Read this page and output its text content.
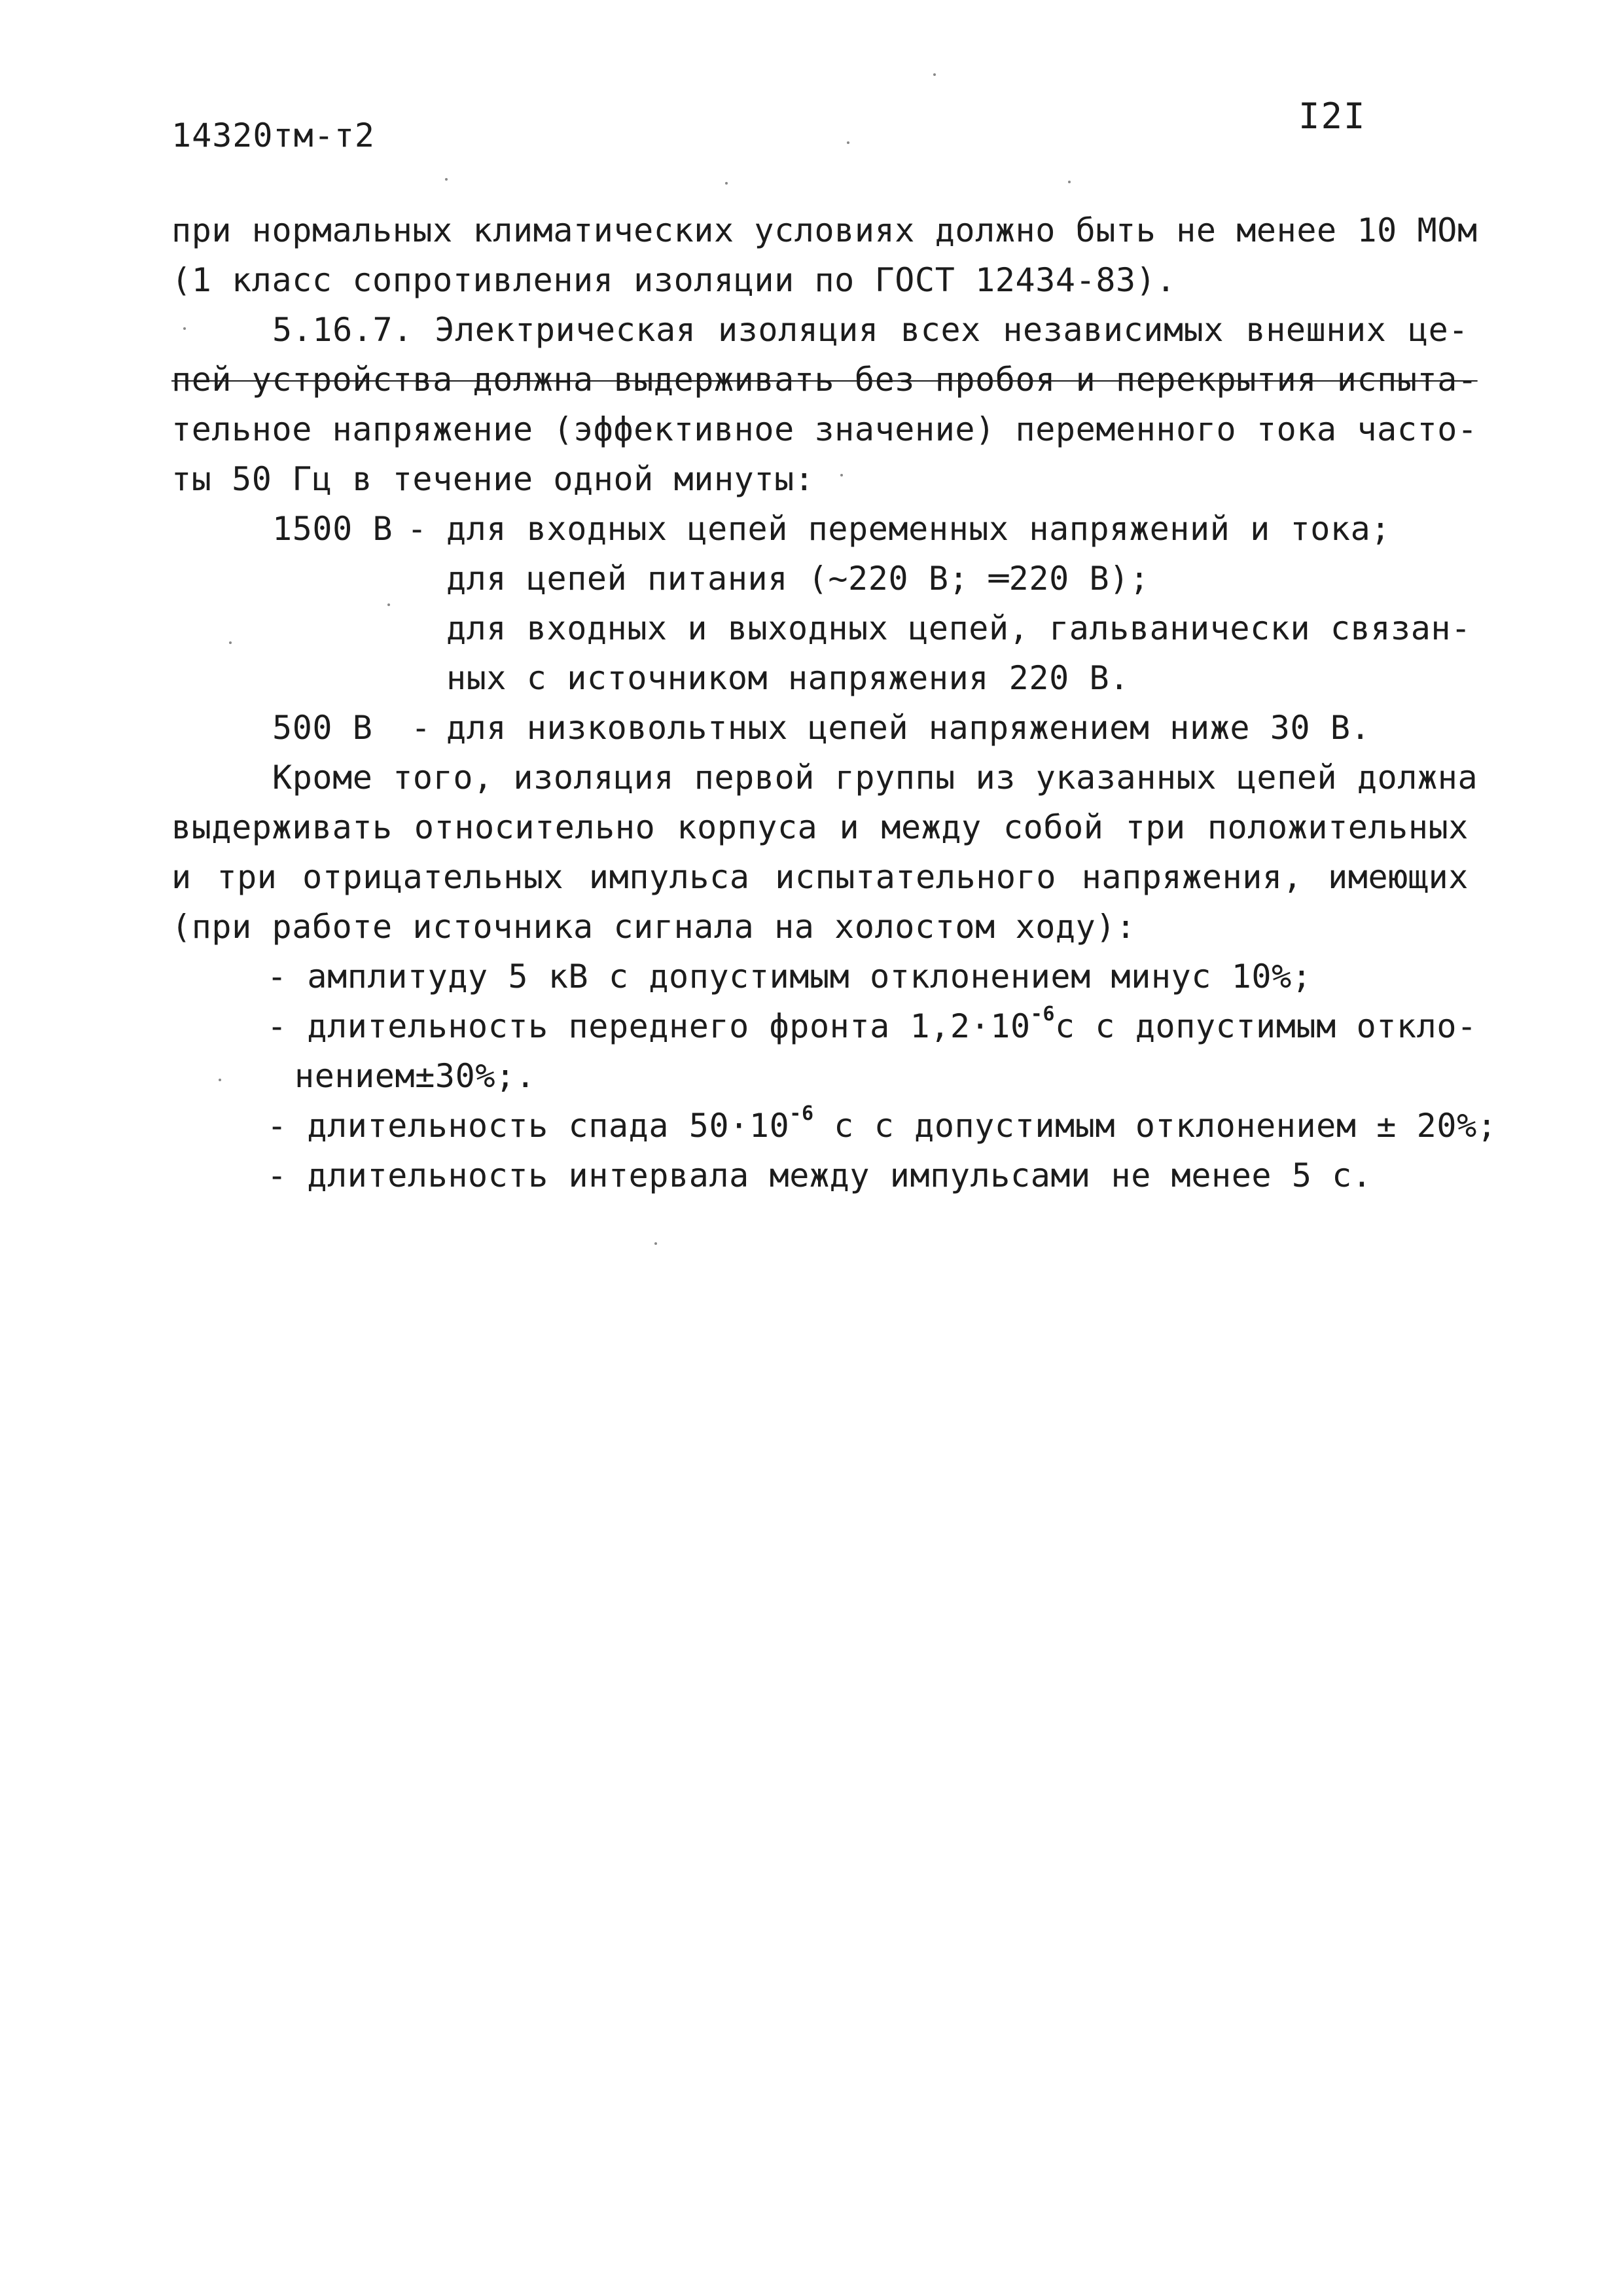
14320тм-т2	I2I
при нормальных климатических условиях должно быть не менее 10 МОм
(1 класс сопротивления изоляции по ГОСТ 12434-83).
5.16.7. Электрическая изоляция всех независимых внешних це-
пей устройства должна выдерживать без пробоя и перекрытия испыта-
тельное напряжение (эффективное значение) переменного тока часто-
ты 50 Гц в течение одной минуты:
1500 В - для входных цепей переменных напряжений и тока;
для цепей питания (~220 В; ═220 В);
для входных и выходных цепей, гальванически связан-
ных с источником напряжения 220 В.
500 В - для низковольтных цепей напряжением ниже 30 В.
Кроме того, изоляция первой группы из указанных цепей должна
выдерживать относительно корпуса и между собой три положительных
и три отрицательных импульса испытательного напряжения, имеющих
(при работе источника сигнала на холостом ходу):
- амплитуду 5 кВ с допустимым отклонением минус 10%;
- длительность переднего фронта $1,2\cdot 10^{-6}с$ с допустимым откло-
нением±30%;.
- длительность спада $50\cdot 10^{-6}$ с с допустимым отклонением ± 20%;
- длительность интервала между импульсами не менее 5 с.
